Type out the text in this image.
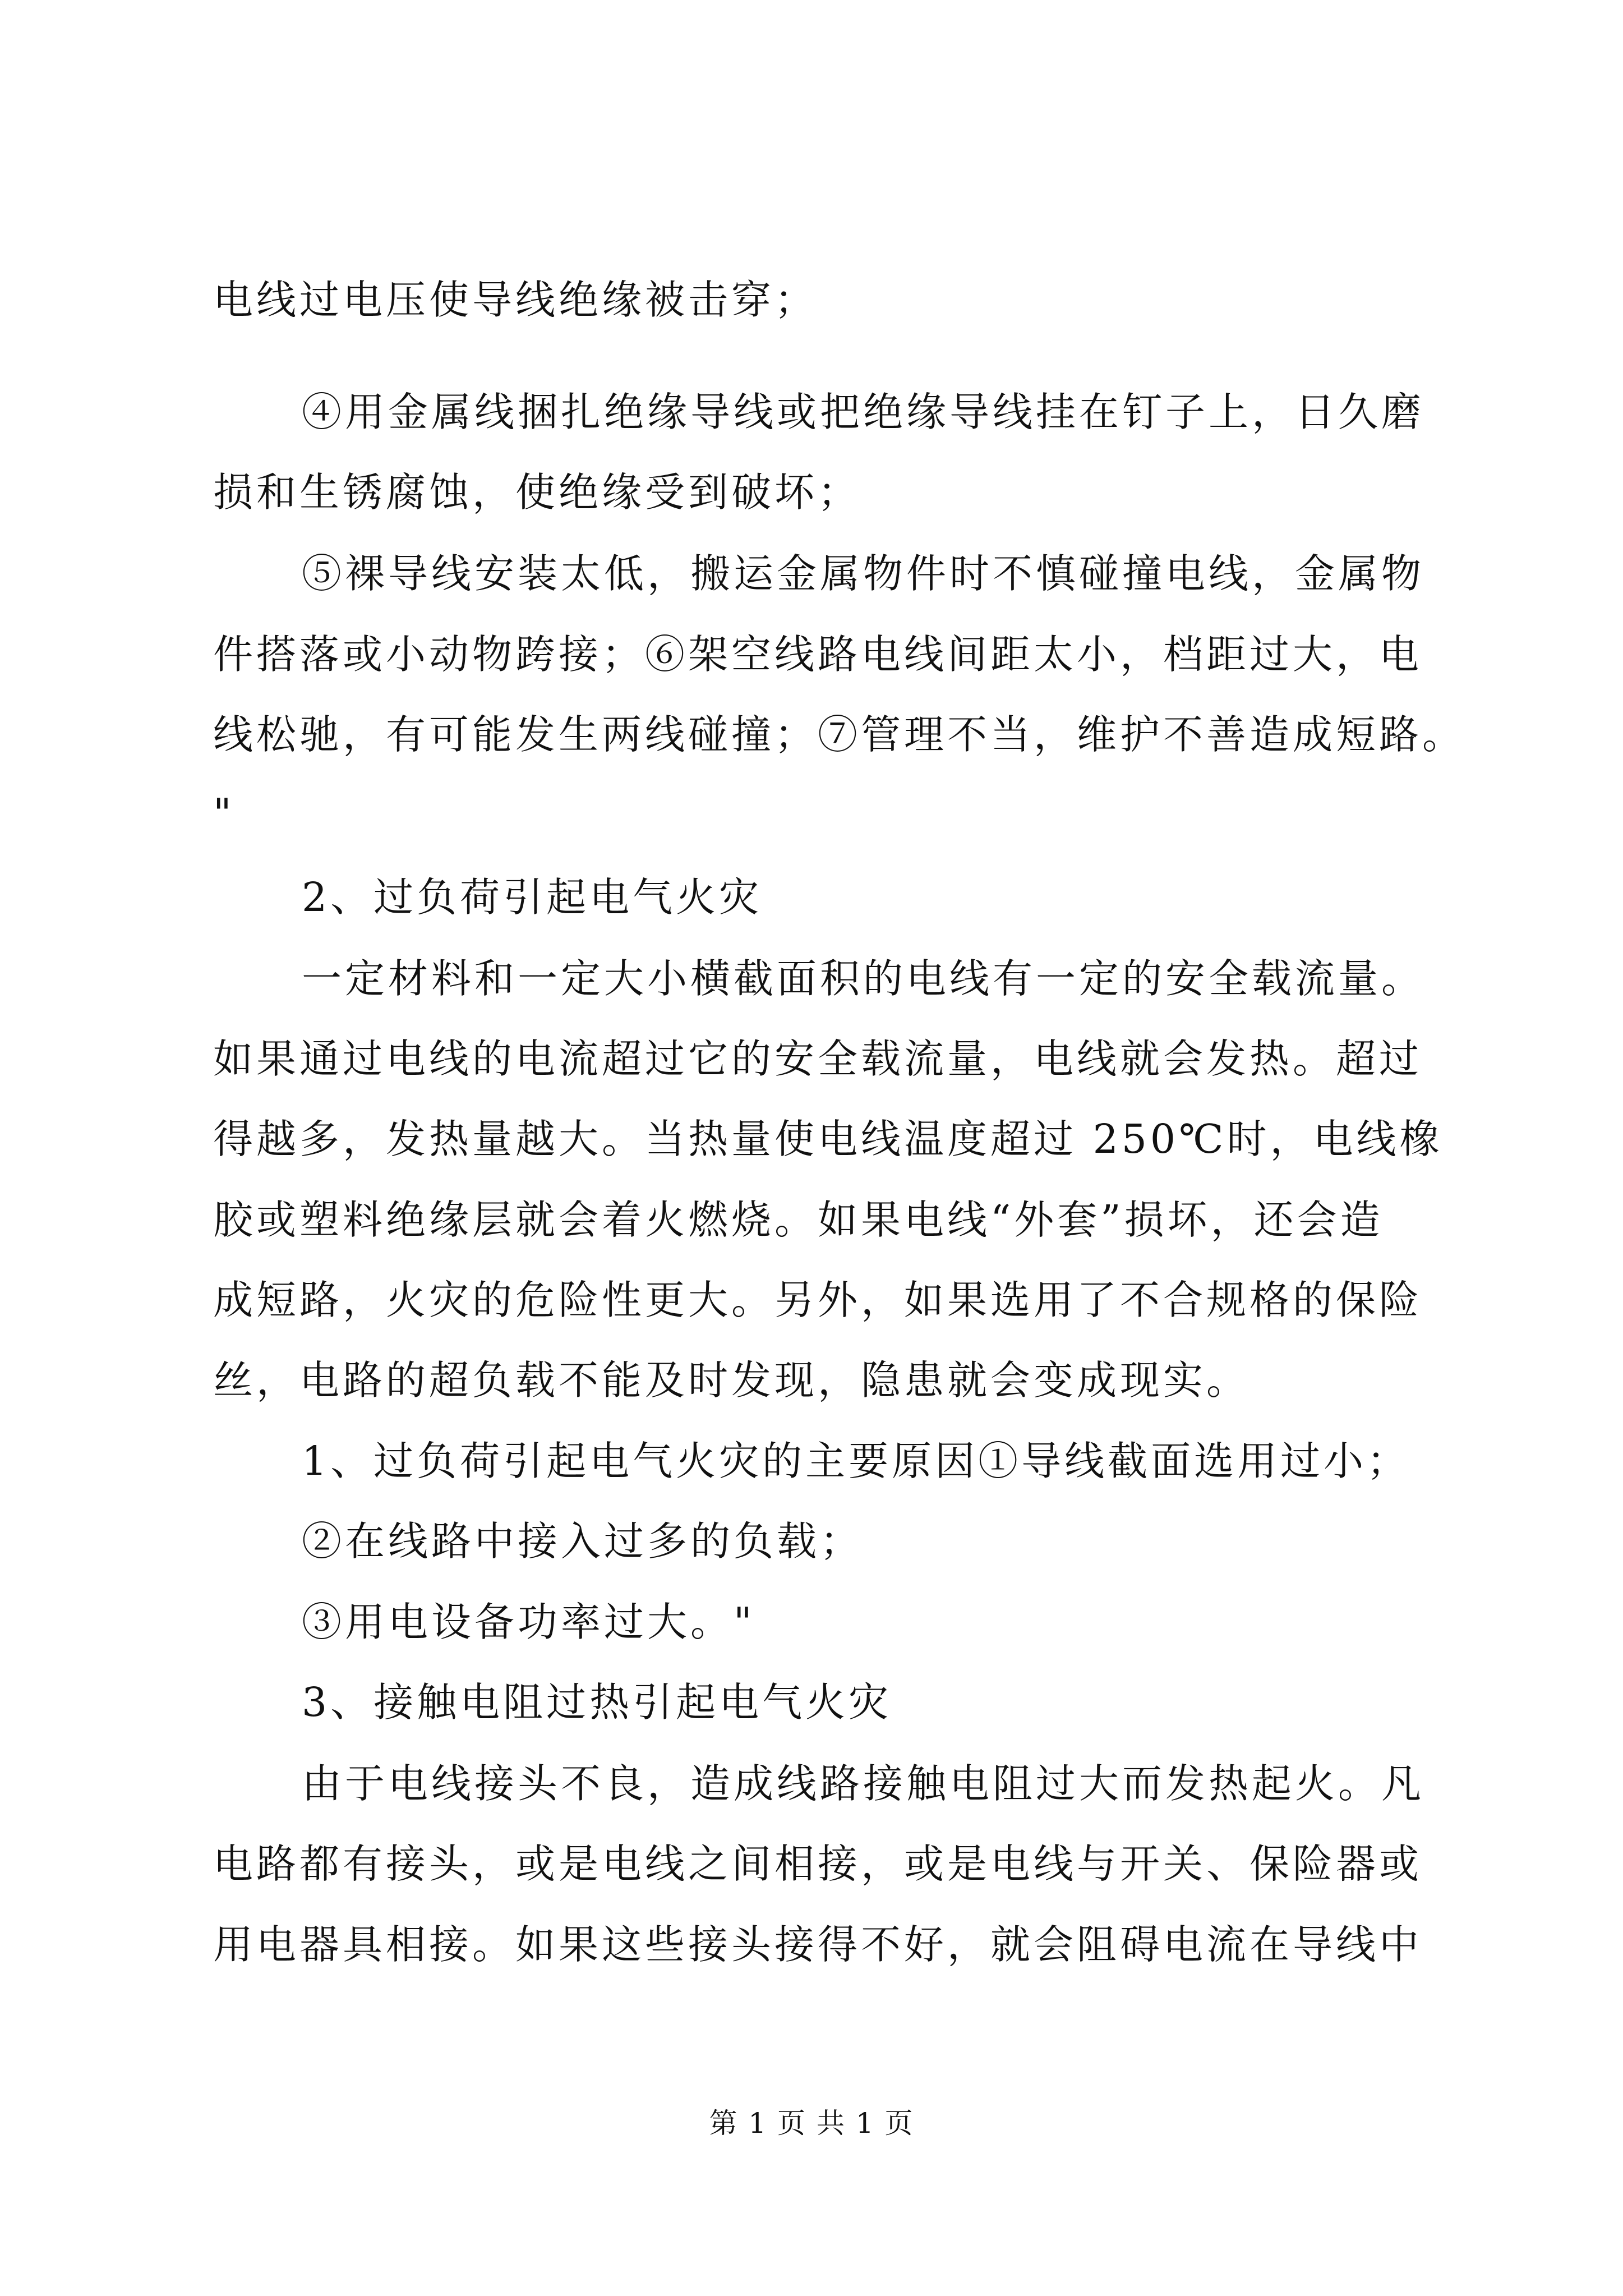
电线过电压使导线绝缘被击穿；
④用金属线捆扎绝缘导线或把绝缘导线挂在钉子上，日久磨
损和生锈腐蚀，使绝缘受到破坏；
⑤裸导线安装太低，搬运金属物件时不慎碰撞电线，金属物
件搭落或小动物跨接；⑥架空线路电线间距太小，档距过大，电
线松驰，有可能发生两线碰撞；⑦管理不当，维护不善造成短路。
"
2、过负荷引起电气火灾
一定材料和一定大小横截面积的电线有一定的安全载流量。
如果通过电线的电流超过它的安全载流量，电线就会发热。超过
得越多，发热量越大。当热量使电线温度超过 250℃时，电线橡
胶或塑料绝缘层就会着火燃烧。如果电线“外套”损坏，还会造
成短路，火灾的危险性更大。另外，如果选用了不合规格的保险
丝，电路的超负载不能及时发现，隐患就会变成现实。
1、过负荷引起电气火灾的主要原因①导线截面选用过小；
②在线路中接入过多的负载；
③用电设备功率过大。"
3、接触电阻过热引起电气火灾
由于电线接头不良，造成线路接触电阻过大而发热起火。凡
电路都有接头，或是电线之间相接，或是电线与开关、保险器或
用电器具相接。如果这些接头接得不好，就会阻碍电流在导线中
第 1 页 共 1 页
